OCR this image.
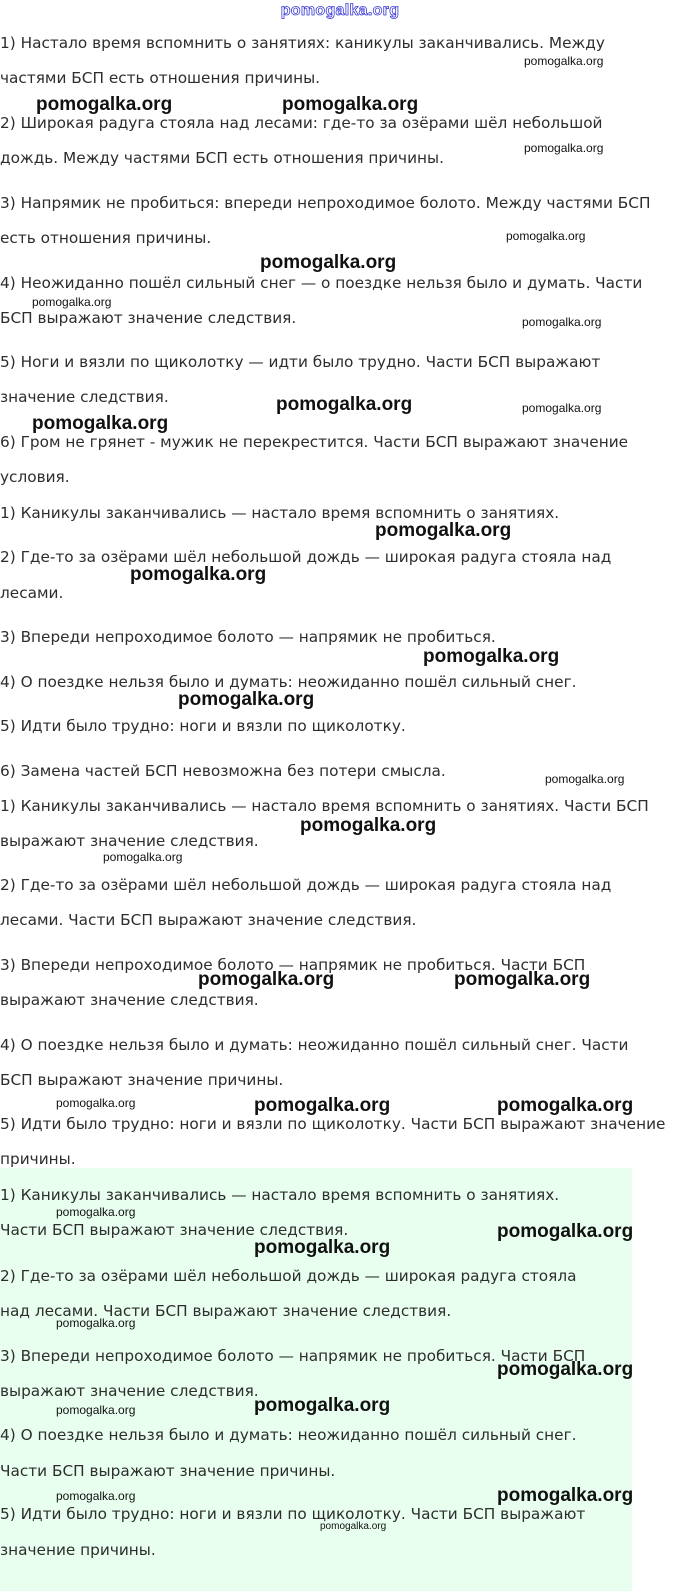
pomogalka.org
1) Настало время вспомнить о занятиях: каникулы заканчивались. Между
частями БСП есть отношения причины.
2) Широкая радуга стояла над лесами: где-то за озёрами шёл небольшой
дождь. Между частями БСП есть отношения причины.
3) Напрямик не пробиться: впереди непроходимое болото. Между частями БСП
есть отношения причины.
4) Неожиданно пошёл сильный снег — о поездке нельзя было и думать. Части
БСП выражают значение следствия.
5) Ноги и вязли по щиколотку — идти было трудно. Части БСП выражают
значение следствия.
6) Гром не грянет - мужик не перекрестится. Части БСП выражают значение
условия.
1) Каникулы заканчивались — настало время вспомнить о занятиях.
2) Где-то за озёрами шёл небольшой дождь — широкая радуга стояла над
лесами.
3) Впереди непроходимое болото — напрямик не пробиться.
4) О поездке нельзя было и думать: неожиданно пошёл сильный снег.
5) Идти было трудно: ноги и вязли по щиколотку.
6) Замена частей БСП невозможна без потери смысла.
1) Каникулы заканчивались — настало время вспомнить о занятиях. Части БСП
выражают значение следствия.
2) Где-то за озёрами шёл небольшой дождь — широкая радуга стояла над
лесами. Части БСП выражают значение следствия.
3) Впереди непроходимое болото — напрямик не пробиться. Части БСП
выражают значение следствия.
4) О поездке нельзя было и думать: неожиданно пошёл сильный снег. Части
БСП выражают значение причины.
5) Идти было трудно: ноги и вязли по щиколотку. Части БСП выражают значение
причины.
1) Каникулы заканчивались — настало время вспомнить о занятиях.
Части БСП выражают значение следствия.
2) Где-то за озёрами шёл небольшой дождь — широкая радуга стояла
над лесами. Части БСП выражают значение следствия.
3) Впереди непроходимое болото — напрямик не пробиться. Части БСП
выражают значение следствия.
4) О поездке нельзя было и думать: неожиданно пошёл сильный снег.
Части БСП выражают значение причины.
5) Идти было трудно: ноги и вязли по щиколотку. Части БСП выражают
значение причины.
pomogalka.org
pomogalka.org	pomogalka.org
pomogalka.org
pomogalka.org
pomogalka.org
pomogalka.org
pomogalka.org
pomogalka.org	pomogalka.org
pomogalka.org
pomogalka.org
pomogalka.org
pomogalka.org
pomogalka.org
pomogalka.org
pomogalka.org
pomogalka.org
pomogalka.org	pomogalka.org
pomogalka.org	pomogalka.org	pomogalka.org
pomogalka.org
pomogalka.org
pomogalka.org
pomogalka.org
pomogalka.org
pomogalka.org	pomogalka.org
pomogalka.org
pomogalka.org
pomogalka.org
